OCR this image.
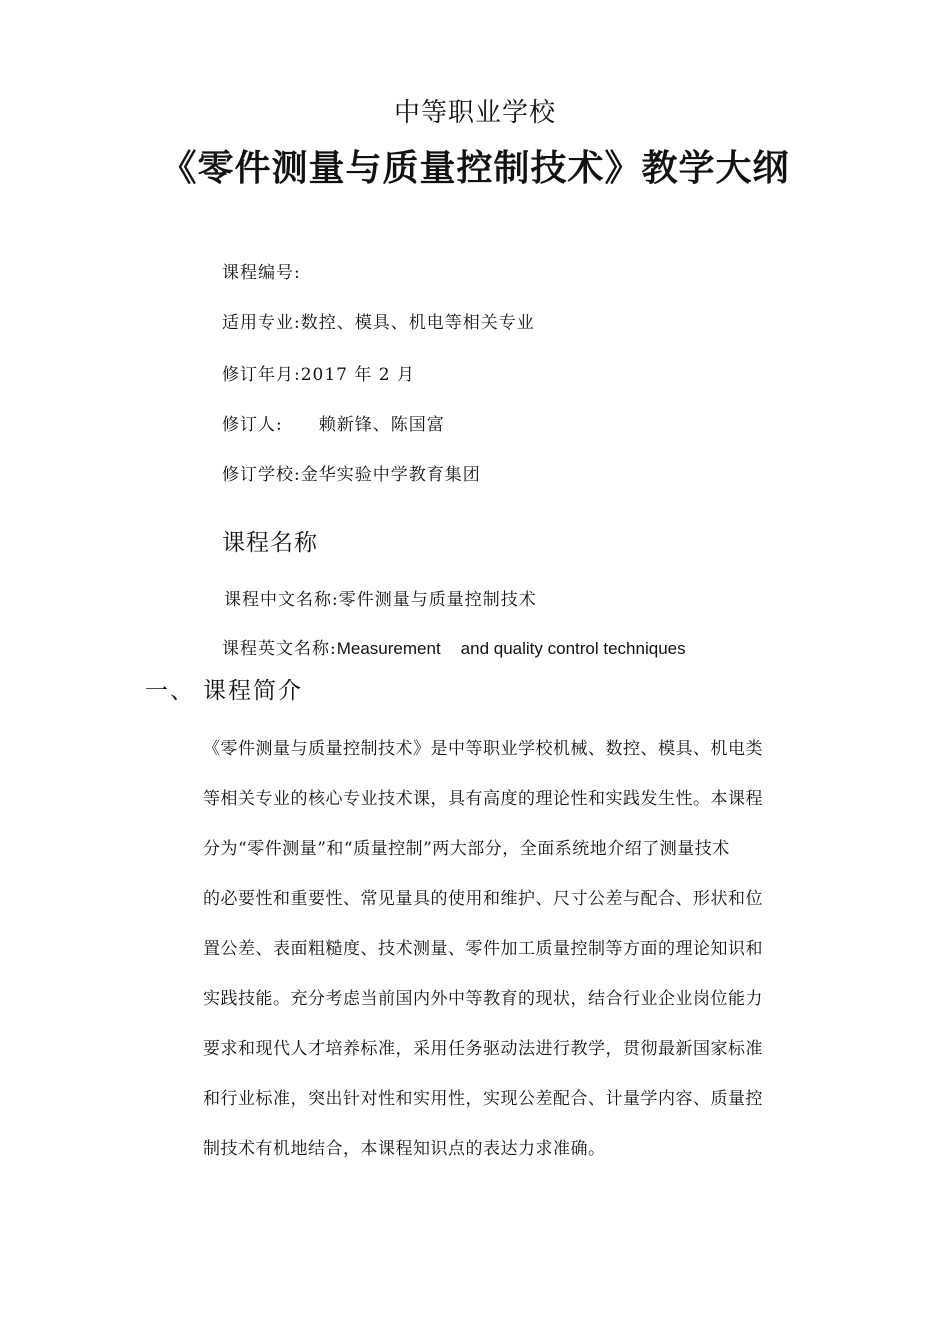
中等职业学校
《零件测量与质量控制技术》教学大纲
课程编号:
适用专业:数控、模具、机电等相关专业
修订年月:2017 年 2 月
修订人: 赖新锋、陈国富
修订学校:金华实验中学教育集团
课程名称
课程中文名称:零件测量与质量控制技术
课程英文名称:Measurement and quality control techniques
一、 课程简介
《零件测量与质量控制技术》是中等职业学校机械、数控、模具、机电类
等相关专业的核心专业技术课，具有高度的理论性和实践发生性。本课程
分为“零件测量”和“质量控制”两大部分，全面系统地介绍了测量技术
的必要性和重要性、常见量具的使用和维护、尺寸公差与配合、形状和位
置公差、表面粗糙度、技术测量、零件加工质量控制等方面的理论知识和
实践技能。充分考虑当前国内外中等教育的现状，结合行业企业岗位能力
要求和现代人才培养标准，采用任务驱动法进行教学，贯彻最新国家标准
和行业标准，突出针对性和实用性，实现公差配合、计量学内容、质量控
制技术有机地结合，本课程知识点的表达力求准确。
